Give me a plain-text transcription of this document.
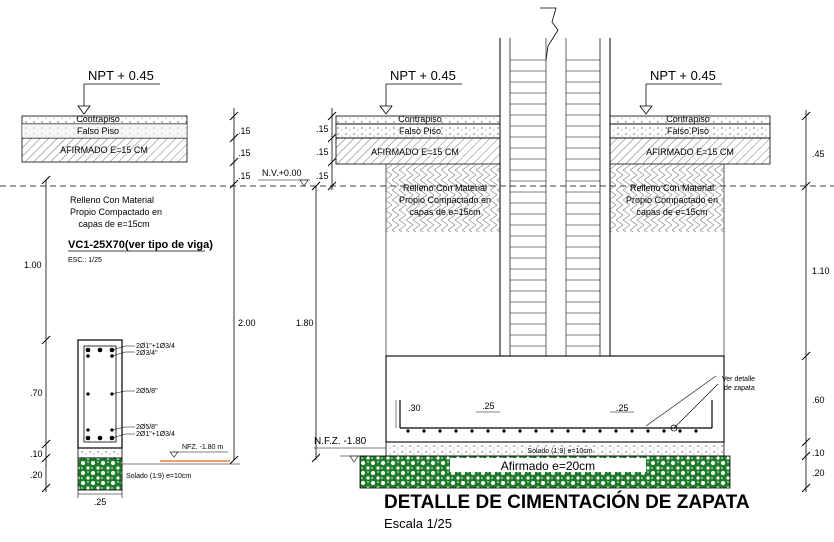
Contrapiso
Falso Piso
AFIRMADO E=15 CM
NPT + 0.45
Relleno Con Material
Propio Compactado en
capas de e=15cm
VC1-25X70(ver tipo de viga)
ESC.: 1/25
2Ø1"+1Ø3/4
2Ø3/4"
2Ø5/8"
2Ø5/8"
2Ø1"+1Ø3/4
NFZ. -1.80 m
Solado (1:9) e=10cm
.25
1.00
.70
.10
.20
.15
.15
.15
2.00
N.V.+0.00
Contrapiso
Falso Piso
AFIRMADO E=15 CM
Contrapiso
Falso Piso
AFIRMADO E=15 CM
NPT + 0.45	NPT + 0.45
Relleno Con Material
Propio Compactado en
capas de e=15cm
Relleno Con Material
Propio Compactado en
capas de e=15cm
.30	.25	.25
Ver detalle
de zapata
Solado (1:9) e=10cm
Afirmado e=20cm
N.F.Z. -1.80
.15
.15
.15
1.80
.45
1.10
.60
.10
.20
DETALLE DE CIMENTACIÓN DE ZAPATA
Escala 1/25
